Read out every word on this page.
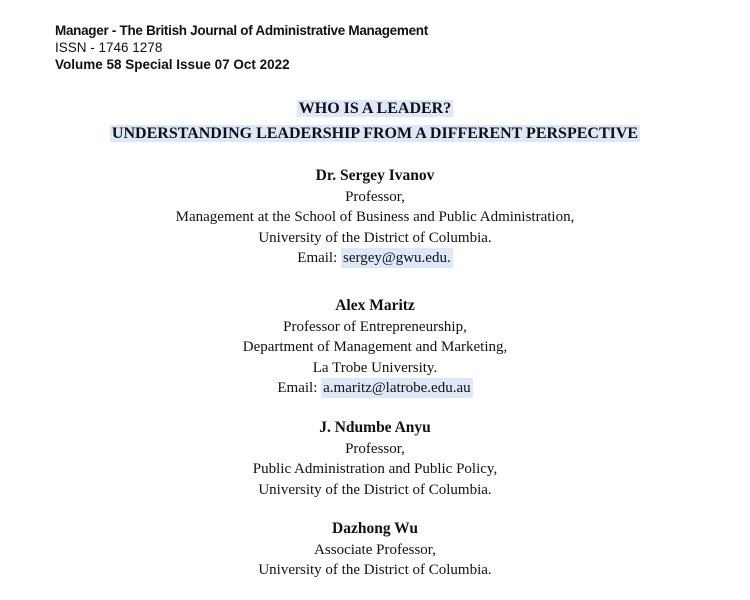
Manager - The British Journal of Administrative Management
ISSN - 1746 1278
Volume 58 Special Issue 07 Oct 2022
WHO IS A LEADER?
UNDERSTANDING LEADERSHIP FROM A DIFFERENT PERSPECTIVE
Dr. Sergey Ivanov
Professor,
Management at the School of Business and Public Administration,
University of the District of Columbia.
Email: sergey@gwu.edu.
Alex Maritz
Professor of Entrepreneurship,
Department of Management and Marketing,
La Trobe University.
Email: a.maritz@latrobe.edu.au
J. Ndumbe Anyu
Professor,
Public Administration and Public Policy,
University of the District of Columbia.
Dazhong Wu
Associate Professor,
University of the District of Columbia.
